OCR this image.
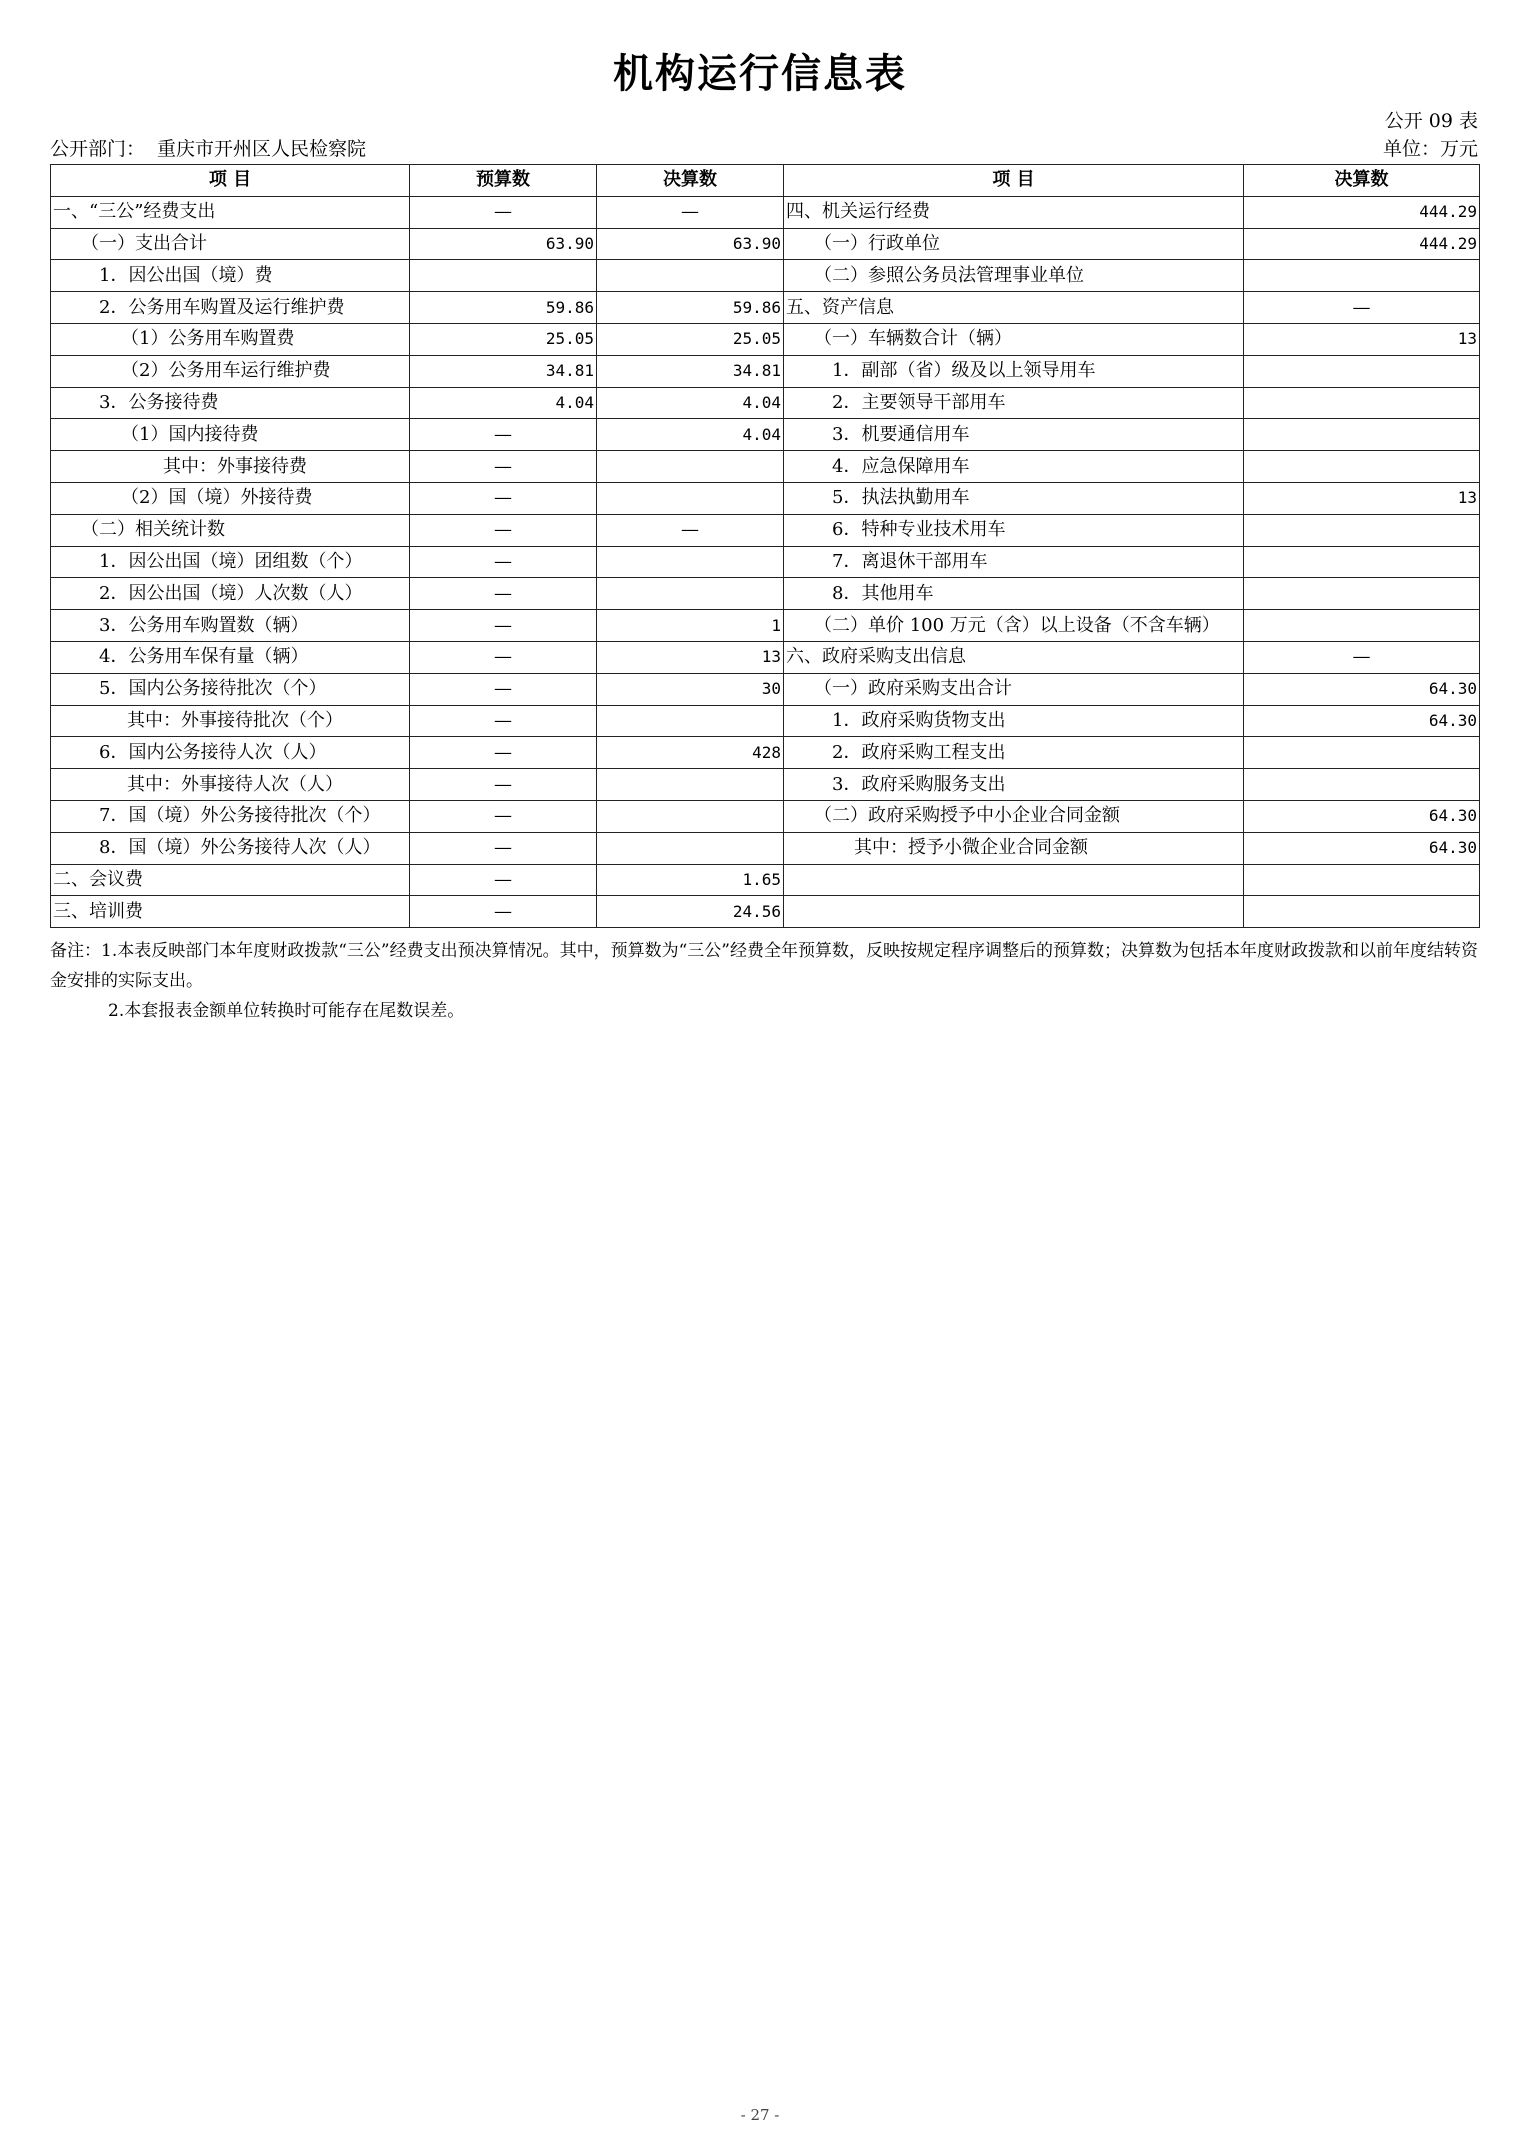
机构运行信息表
公开 09 表
公开部门： 重庆市开州区人民检察院	单位：万元
项 目	预算数	决算数	项 目	决算数
一、“三公”经费支出	—	—	四、机关运行经费	444.29
（一）支出合计	63.90	63.90	（一）行政单位	444.29
1．因公出国（境）费			（二）参照公务员法管理事业单位	
2．公务用车购置及运行维护费	59.86	59.86	五、资产信息	—
（1）公务用车购置费	25.05	25.05	（一）车辆数合计（辆）	13
（2）公务用车运行维护费	34.81	34.81	1．副部（省）级及以上领导用车	
3．公务接待费	4.04	4.04	2．主要领导干部用车	
（1）国内接待费	—	4.04	3．机要通信用车	
其中：外事接待费	—		4．应急保障用车	
（2）国（境）外接待费	—		5．执法执勤用车	13
（二）相关统计数	—	—	6．特种专业技术用车	
1．因公出国（境）团组数（个）	—		7．离退休干部用车	
2．因公出国（境）人次数（人）	—		8．其他用车	
3．公务用车购置数（辆）	—	1	（二）单价 100 万元（含）以上设备（不含车辆）	
4．公务用车保有量（辆）	—	13	六、政府采购支出信息	—
5．国内公务接待批次（个）	—	30	（一）政府采购支出合计	64.30
其中：外事接待批次（个）	—		1．政府采购货物支出	64.30
6．国内公务接待人次（人）	—	428	2．政府采购工程支出	
其中：外事接待人次（人）	—		3．政府采购服务支出	
7．国（境）外公务接待批次（个）	—		（二）政府采购授予中小企业合同金额	64.30
8．国（境）外公务接待人次（人）	—		其中：授予小微企业合同金额	64.30
二、会议费	—	1.65		
三、培训费	—	24.56		
备注：1.本表反映部门本年度财政拨款“三公”经费支出预决算情况。其中，预算数为“三公”经费全年预算数，反映按规定程序调整后的预算数；决算数为包括本年度财政拨款和以前年度结转资金安排的实际支出。
2.本套报表金额单位转换时可能存在尾数误差。
- 27 -
